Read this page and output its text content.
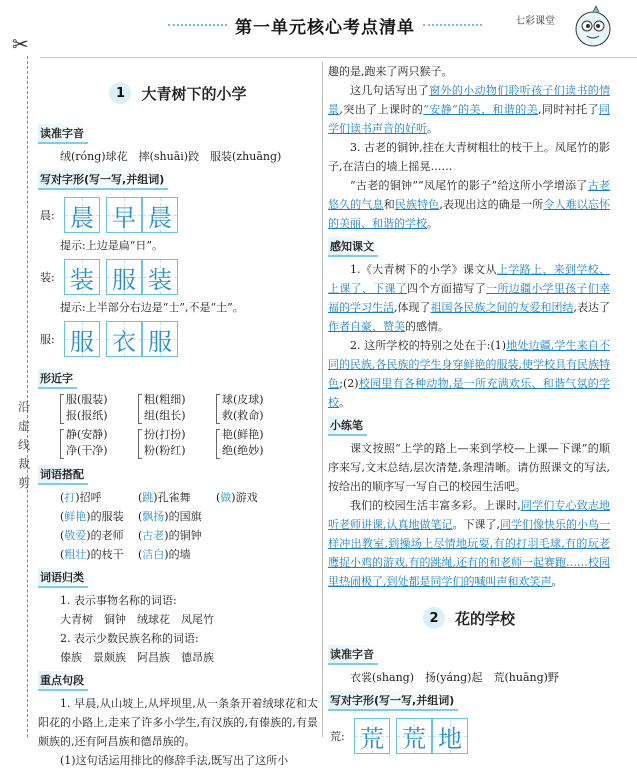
✂
第一单元核心考点清单	七彩课堂
沿虚线裁剪
1	大青树下的小学
读准字音
绒(róng)球花　摔(shuāi)跤　服装(zhuāng)
写对字形(写一写,并组词)
晨: 晨 早 晨
提示:上边是扁“日”。
装: 装 服 装
提示:上半部分右边是“士”,不是“土”。
服: 服 衣 服
形近字
服(服装)	粗(粗细)	球(皮球)
报(报纸)	组(组长)	救(救命)
静(安静)	扮(打扮)	艳(鲜艳)
净(干净)	粉(粉红)	绝(绝妙)
词语搭配
(打)招呼	(跳)孔雀舞	(做)游戏
(鲜艳)的服装	(飘扬)的国旗
(敬爱)的老师	(古老)的铜钟
(粗壮)的枝干	(洁白)的墙
词语归类
1. 表示事物名称的词语:
大青树　铜钟　绒球花　凤尾竹
2. 表示少数民族名称的词语:
傣族　景颇族　阿昌族　德昂族
重点句段
1. 早晨,从山坡上,从坪坝里,从一条条开着绒球花和太阳花的小路上,走来了许多小学生,有汉族的,有傣族的,有景颇族的,还有阿昌族和德昂族的。
(1)这句话运用排比的修辞手法,既写出了这所小
趣的是,跑来了两只猴子。
这几句话写出了窗外的小动物们聆听孩子们读书的情景,突出了上课时的“安静”的美、和谐的美,同时衬托了同学们读书声音的好听。
3. 古老的铜钟,挂在大青树粗壮的枝干上。凤尾竹的影子,在洁白的墙上摇晃……
“古老的铜钟”“凤尾竹的影子”给这所小学增添了古老悠久的气息和民族特色,表现出这的确是一所令人难以忘怀的美丽、和谐的学校。
感知课文
1.《大青树下的小学》课文从上学路上、来到学校、上课了、下课了四个方面描写了一所边疆小学里孩子们幸福的学习生活,体现了祖国各民族之间的友爱和团结,表达了作者自豪、赞美的感情。
2. 这所学校的特别之处在于:(1)地处边疆,学生来自不同的民族,各民族的学生身穿鲜艳的服装,使学校具有民族特色;(2)校园里有各种动物,是一所充满欢乐、和谐气氛的学校。
小练笔
课文按照“上学的路上—来到学校—上课—下课”的顺序来写,文末总结,层次清楚,条理清晰。请仿照课文的写法,按给出的顺序写一写自己的校园生活吧。
我们的校园生活丰富多彩。上课时,同学们专心致志地听老师讲课,认真地做笔记。下课了,同学们像快乐的小鸟一样冲出教室,到操场上尽情地玩耍,有的打羽毛球,有的玩老鹰捉小鸡的游戏,有的跳绳,还有的和老师一起赛跑……校园里热闹极了,到处都是同学们的喊叫声和欢笑声。
2	花的学校
读准字音
衣裳(shang)　扬(yáng)起　荒(huāng)野
写对字形(写一写,并组词)
荒: 荒 荒 地
